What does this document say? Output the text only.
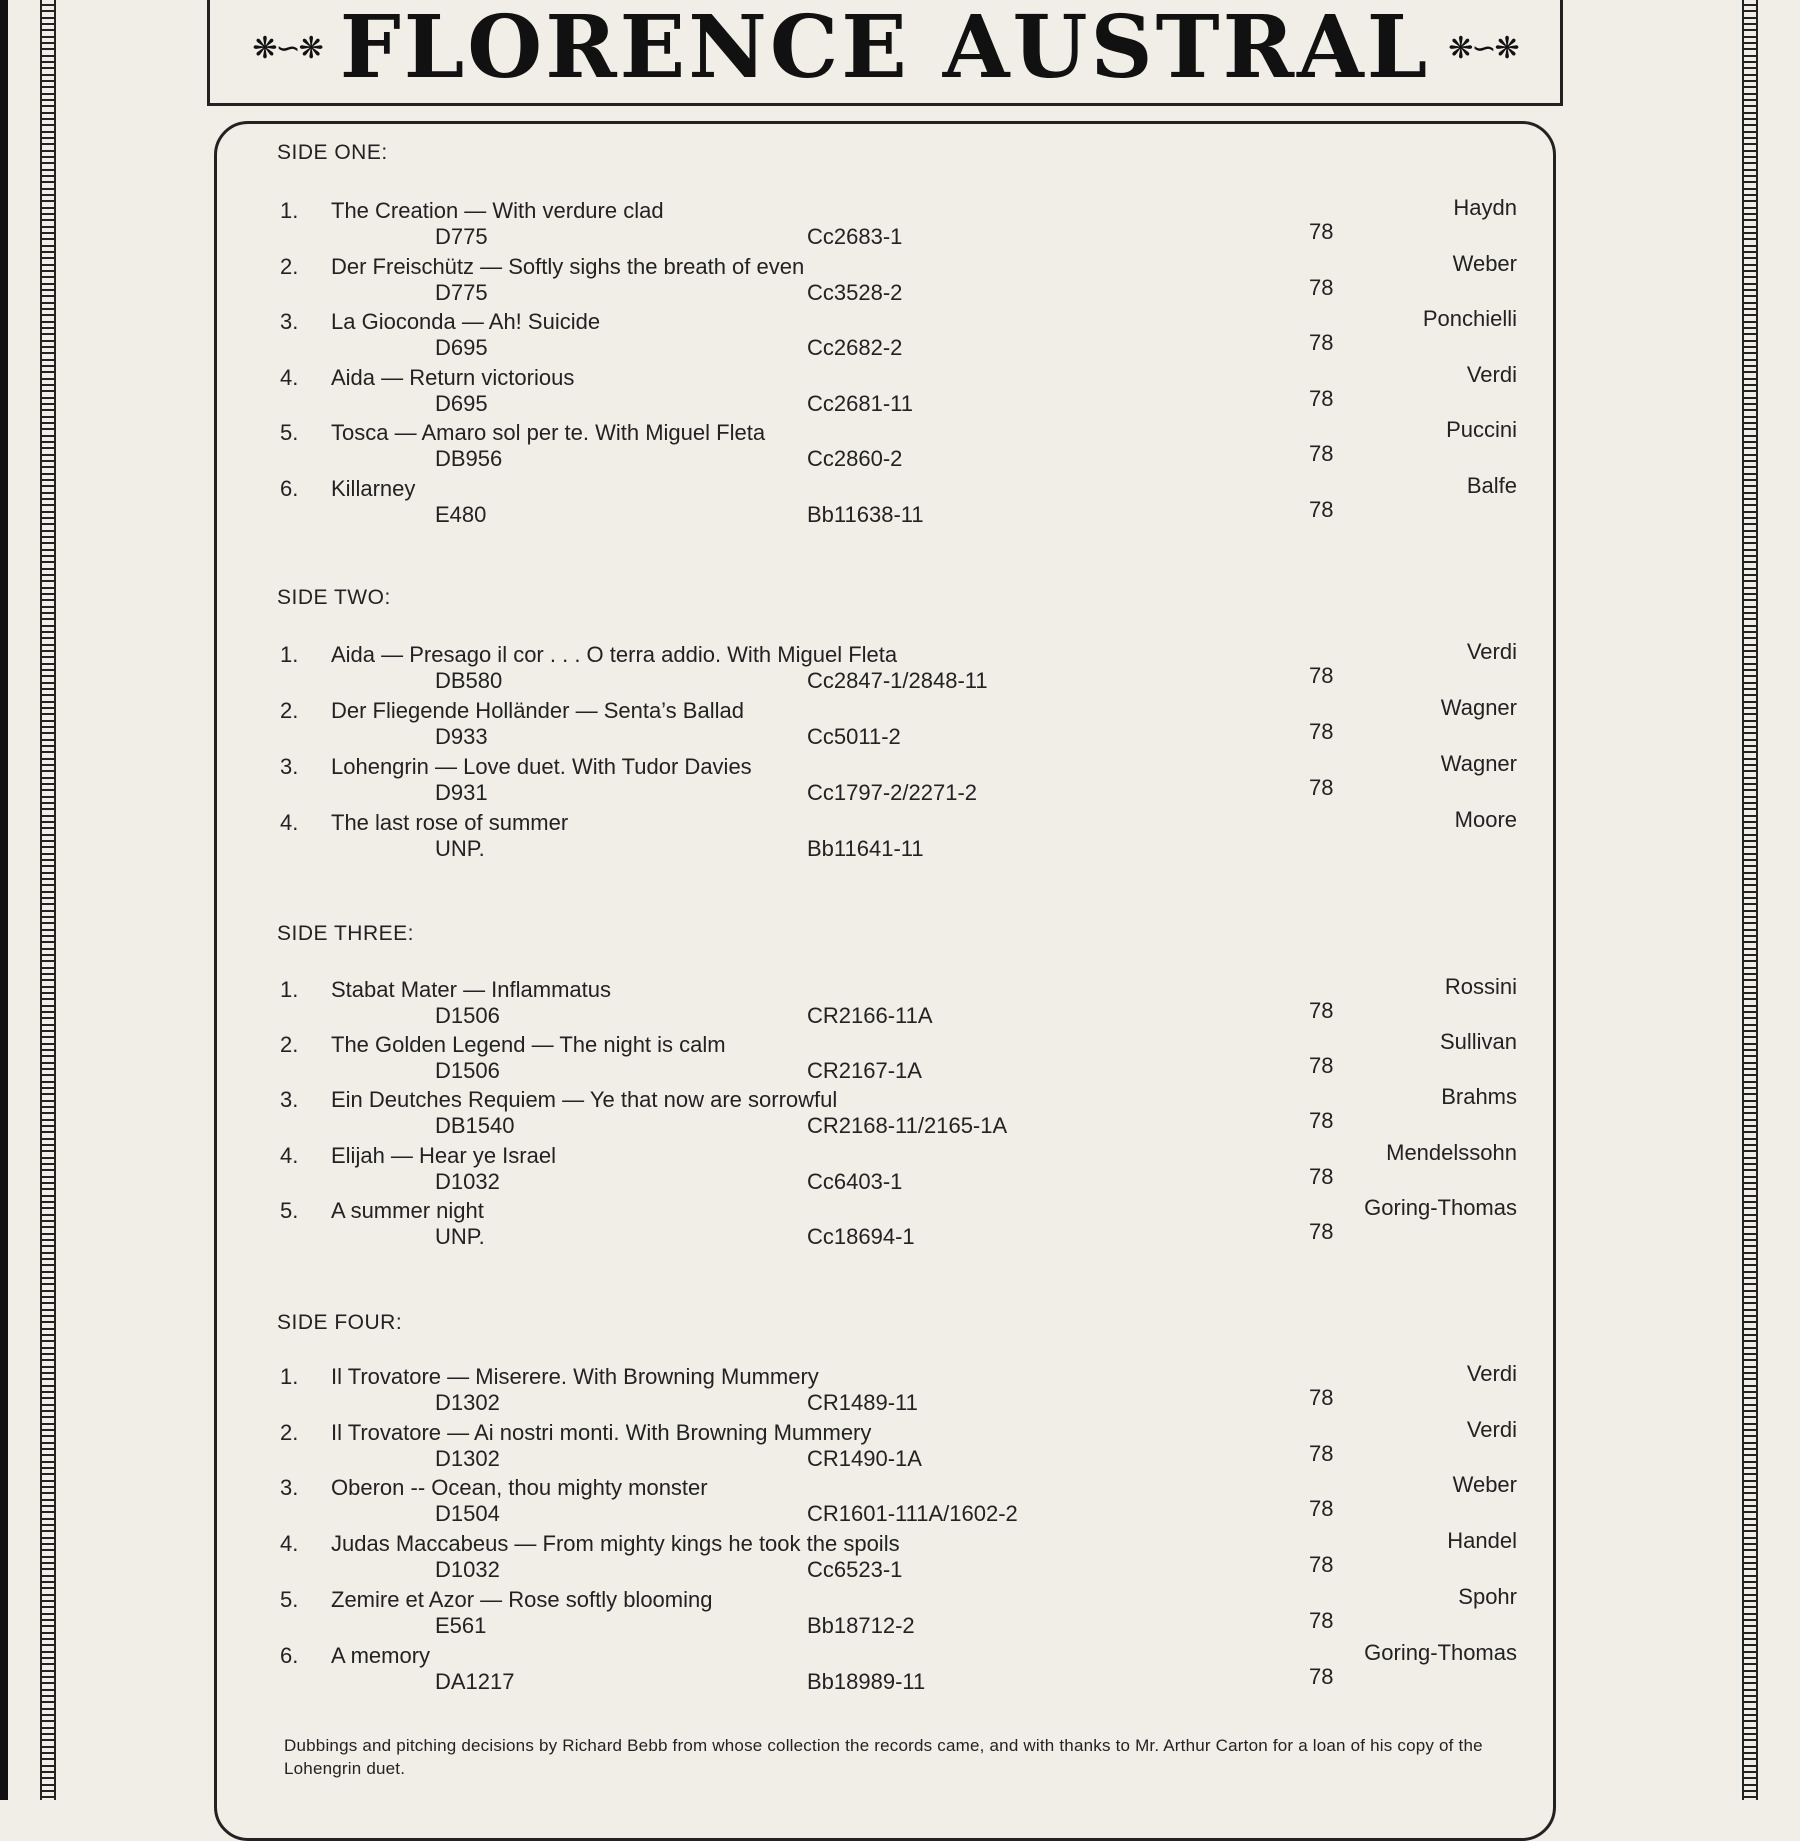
❋∽❋ FLORENCE AUSTRAL ❋∽❋
SIDE ONE:
1. The Creation — With verdure clad
D775	Cc2683-1	78
Haydn
2. Der Freischütz — Softly sighs the breath of even
D775	Cc3528-2	78
Weber
3. La Gioconda — Ah! Suicide
D695	Cc2682-2	78
Ponchielli
4. Aida — Return victorious
D695	Cc2681-11	78
Verdi
5. Tosca — Amaro sol per te. With Miguel Fleta
DB956	Cc2860-2	78
Puccini
6. Killarney
E480	Bb11638-11	78
Balfe
SIDE TWO:
1. Aida — Presago il cor . . . O terra addio. With Miguel Fleta
DB580	Cc2847-1/2848-11	78
Verdi
2. Der Fliegende Holländer — Senta’s Ballad
D933	Cc5011-2	78
Wagner
3. Lohengrin — Love duet. With Tudor Davies
D931	Cc1797-2/2271-2	78
Wagner
4. The last rose of summer
UNP.	Bb11641-11
Moore
SIDE THREE:
1. Stabat Mater — Inflammatus
D1506	CR2166-11A	78
Rossini
2. The Golden Legend — The night is calm
D1506	CR2167-1A	78
Sullivan
3. Ein Deutches Requiem — Ye that now are sorrowful
DB1540	CR2168-11/2165-1A	78
Brahms
4. Elijah — Hear ye Israel
D1032	Cc6403-1	78
Mendelssohn
5. A summer night
UNP.	Cc18694-1	78
Goring-Thomas
SIDE FOUR:
1. Il Trovatore — Miserere. With Browning Mummery
D1302	CR1489-11	78
Verdi
2. Il Trovatore — Ai nostri monti. With Browning Mummery
D1302	CR1490-1A	78
Verdi
3. Oberon -- Ocean, thou mighty monster
D1504	CR1601-111A/1602-2	78
Weber
4. Judas Maccabeus — From mighty kings he took the spoils
D1032	Cc6523-1	78
Handel
5. Zemire et Azor — Rose softly blooming
E561	Bb18712-2	78
Spohr
6. A memory
DA1217	Bb18989-11	78
Goring-Thomas
Dubbings and pitching decisions by Richard Bebb from whose collection the records came, and with thanks to Mr. Arthur Carton for a loan of his copy of the Lohengrin duet.
